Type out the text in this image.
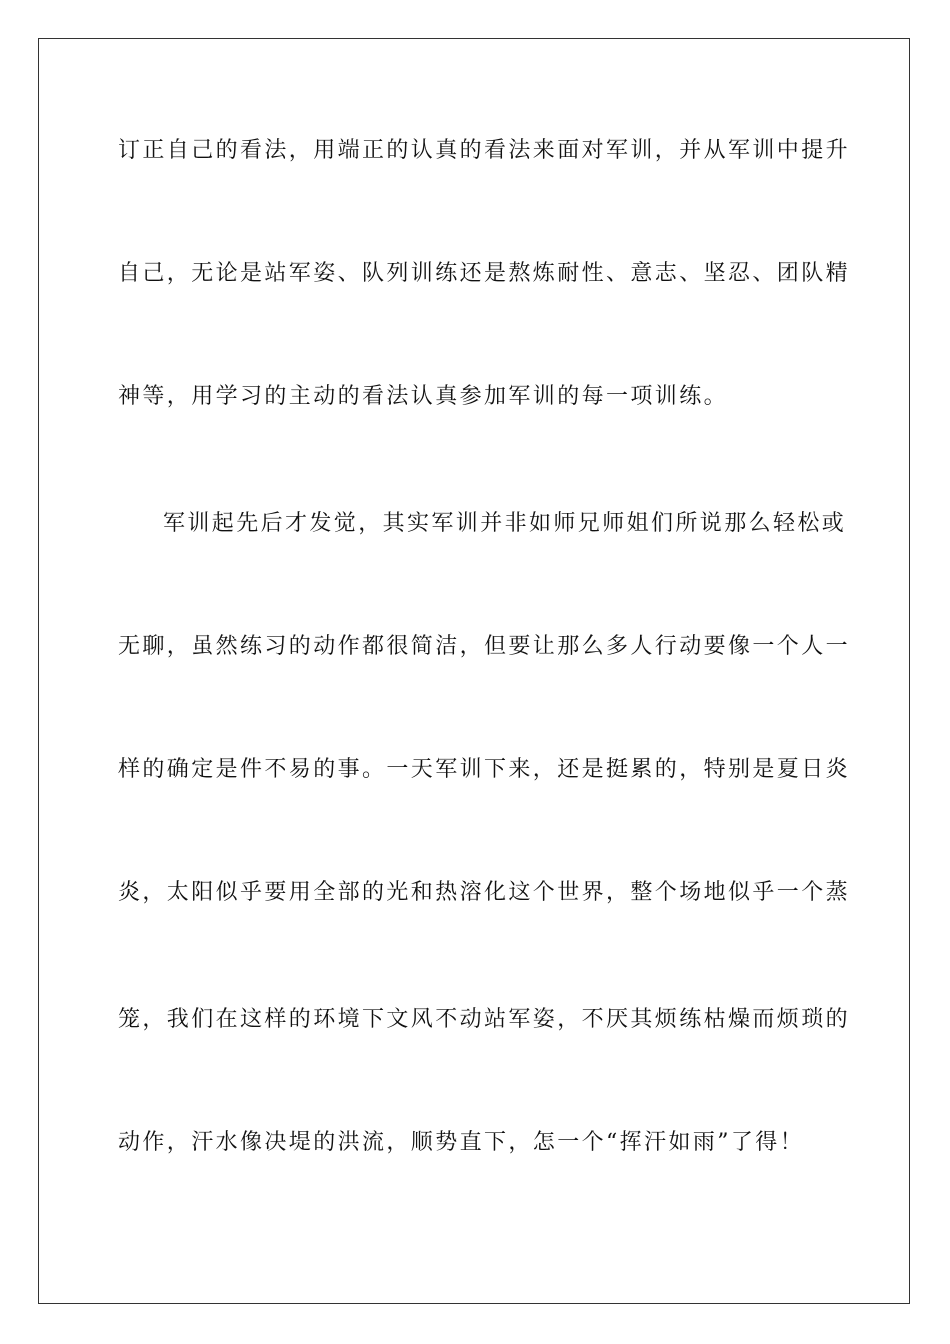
订正自己的看法，用端正的认真的看法来面对军训，并从军训中提升

自己，无论是站军姿、队列训练还是熬炼耐性、意志、坚忍、团队精

神等，用学习的主动的看法认真参加军训的每一项训练。

军训起先后才发觉，其实军训并非如师兄师姐们所说那么轻松或

无聊，虽然练习的动作都很简洁，但要让那么多人行动要像一个人一

样的确定是件不易的事。一天军训下来，还是挺累的，特别是夏日炎

炎，太阳似乎要用全部的光和热溶化这个世界，整个场地似乎一个蒸

笼，我们在这样的环境下文风不动站军姿，不厌其烦练枯燥而烦琐的

动作，汗水像决堤的洪流，顺势直下，怎一个“挥汗如雨”了得！
